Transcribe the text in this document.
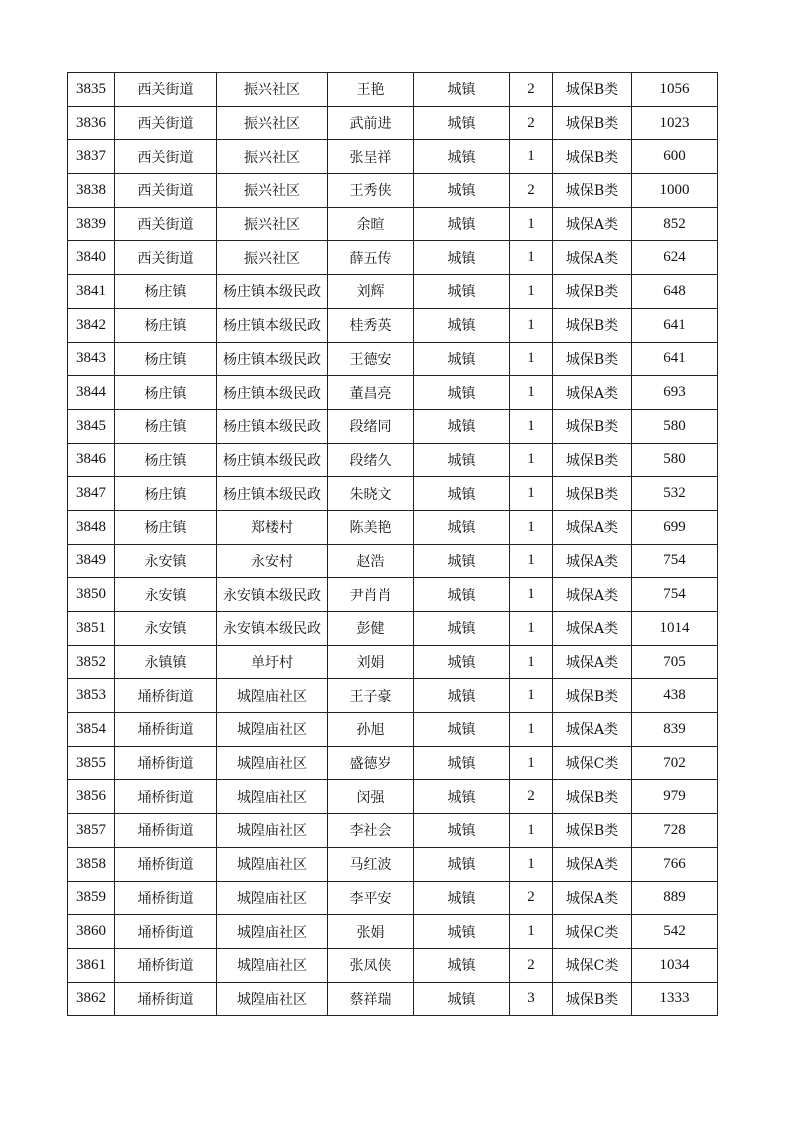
3835	西关街道	振兴社区	王艳	城镇	2	城保B类	1056
3836	西关街道	振兴社区	武前进	城镇	2	城保B类	1023
3837	西关街道	振兴社区	张呈祥	城镇	1	城保B类	600
3838	西关街道	振兴社区	王秀侠	城镇	2	城保B类	1000
3839	西关街道	振兴社区	余暄	城镇	1	城保A类	852
3840	西关街道	振兴社区	薛五传	城镇	1	城保A类	624
3841	杨庄镇	杨庄镇本级民政	刘辉	城镇	1	城保B类	648
3842	杨庄镇	杨庄镇本级民政	桂秀英	城镇	1	城保B类	641
3843	杨庄镇	杨庄镇本级民政	王德安	城镇	1	城保B类	641
3844	杨庄镇	杨庄镇本级民政	董昌亮	城镇	1	城保A类	693
3845	杨庄镇	杨庄镇本级民政	段绪同	城镇	1	城保B类	580
3846	杨庄镇	杨庄镇本级民政	段绪久	城镇	1	城保B类	580
3847	杨庄镇	杨庄镇本级民政	朱晓文	城镇	1	城保B类	532
3848	杨庄镇	郑楼村	陈美艳	城镇	1	城保A类	699
3849	永安镇	永安村	赵浩	城镇	1	城保A类	754
3850	永安镇	永安镇本级民政	尹肖肖	城镇	1	城保A类	754
3851	永安镇	永安镇本级民政	彭健	城镇	1	城保A类	1014
3852	永镇镇	单圩村	刘娟	城镇	1	城保A类	705
3853	埇桥街道	城隍庙社区	王子豪	城镇	1	城保B类	438
3854	埇桥街道	城隍庙社区	孙旭	城镇	1	城保A类	839
3855	埇桥街道	城隍庙社区	盛德岁	城镇	1	城保C类	702
3856	埇桥街道	城隍庙社区	闵强	城镇	2	城保B类	979
3857	埇桥街道	城隍庙社区	李社会	城镇	1	城保B类	728
3858	埇桥街道	城隍庙社区	马红波	城镇	1	城保A类	766
3859	埇桥街道	城隍庙社区	李平安	城镇	2	城保A类	889
3860	埇桥街道	城隍庙社区	张娟	城镇	1	城保C类	542
3861	埇桥街道	城隍庙社区	张凤侠	城镇	2	城保C类	1034
3862	埇桥街道	城隍庙社区	蔡祥瑞	城镇	3	城保B类	1333
